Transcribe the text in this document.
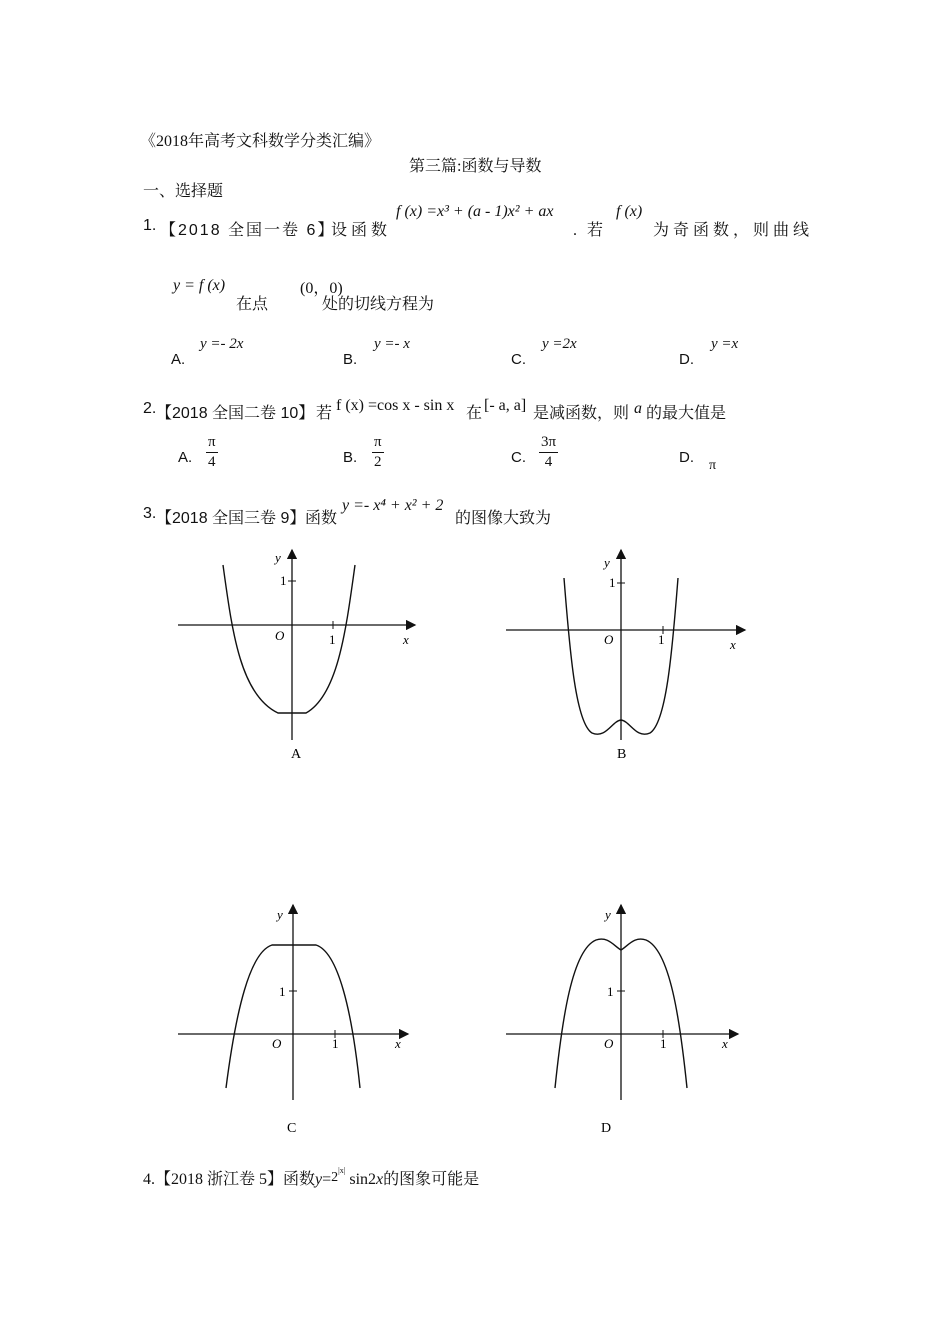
《2018年高考文科数学分类汇编》
第三篇:函数与导数
一、选择题
1. 【2018 全国一卷 6】
设函数
f (x) =x³ + (a - 1)x² + ax
. 若
f (x)
为奇函数，则曲线
y = f (x)
在点
(0，0)
处的切线方程为
A.
y =- 2x
B.
y =- x
C.
y =2x
D.
y =x
2. 【2018 全国二卷 10】 若 f (x) =cos x - sin x 在 [- a, a] 是减函数，则 a 的最大值是
A. $\frac{\pi}{4}$	B. $\frac{\pi}{2}$	C. $\frac{3\pi}{4}$	D. π
3. 【2018 全国三卷 9】 函数
y =- x⁴ + x² + 2
的图像大致为
y
1
O	1	x
A
y
1
O	1	x
B
y
1
O	1	x
C
y
1
O	1	x
D
4.【2018 浙江卷 5】函数$y=2^{|x|}\sin 2x$的图象可能是
